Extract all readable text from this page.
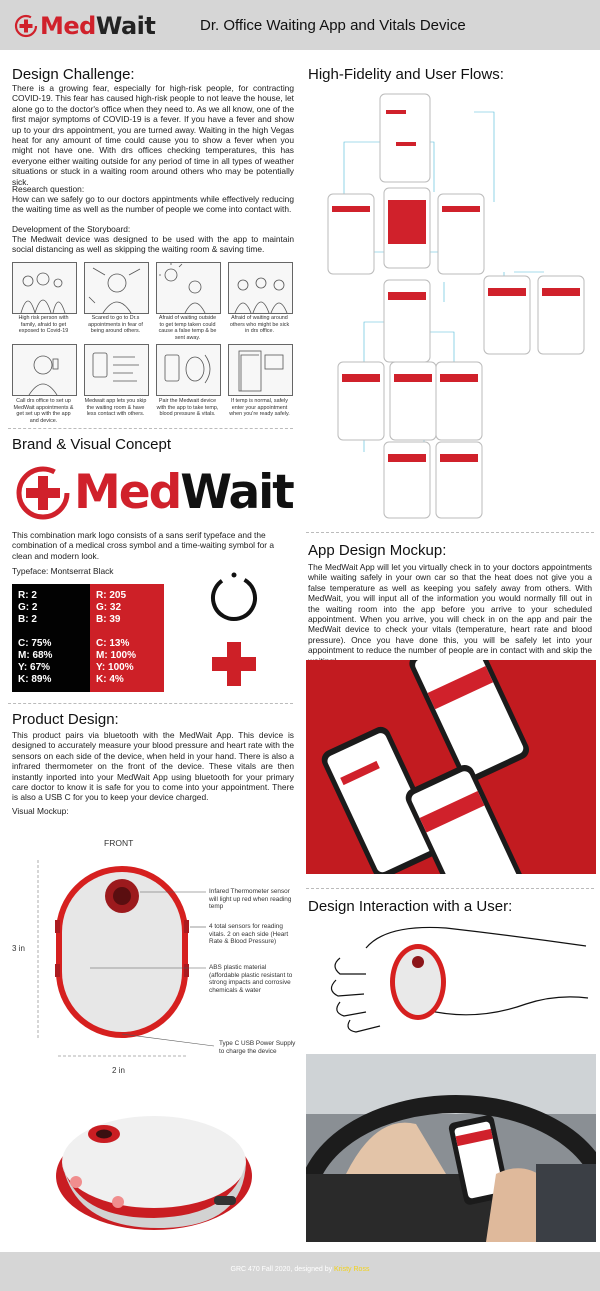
MedWait	Dr. Office Waiting App and Vitals Device
Design Challenge:
There is a growing fear, especially for high-risk people, for contracting COVID-19. This fear has caused high-risk people to not leave the house, let alone go to the doctor's office when they need to. As we all know, one of the first major symptoms of COVID-19 is a fever. If you have a fever and show up to your drs appointment, you are turned away. Waiting in the high Vegas heat for any amount of time could cause you to show a fever when you might not have one. With drs offices checking temperatures, this has everyone either waiting outside for any period of time in all types of weather situations or stuck in a waiting room around others who may be potentially sick.
Research question:
How can we safely go to our doctors appintments while effectively reducing the waiting time as well as the number of people we come into contact with.
Development of the Storyboard:
The Medwait device was designed to be used with the app to maintain social distancing as well as skipping the waiting room & saving time.
High risk person with family, afraid to get exposed to Covid-19
Scared to go to Dr.s appointments in fear of being around others.
Afraid of waiting outside to get temp taken could cause a false temp & be sent away.
Afraid of waiting around others who might be sick in drs office.
Call drs office to set up MedWait appointments & get set up with the app and device.
Medwait app lets you skip the waiting room & have less contact with others.
Pair the Medwait device with the app to take temp, blood pressure & vitals.
If temp is normal, safely enter your appointment when you're ready safely.
Brand & Visual Concept
MedWait
This combination mark logo consists of a sans serif typeface and the combination of a medical cross symbol and a time-waiting symbol for a clean and modern look.
Typeface: Montserrat Black
R: 2
G: 2
B: 2
C: 75%
M: 68%
Y: 67%
K: 89%
R: 205
G: 32
B: 39
C: 13%
M: 100%
Y: 100%
K: 4%
Product Design:
This product pairs via bluetooth with the MedWait App. This device is designed to accurately measure your blood pressure and heart rate with the sensors on each side of the device, when held in your hand. There is also a infrared thermometer on the front of the device. These vitals are then instantly inported into your MedWait App using bluetooth for your primary care doctor to know it is safe for you to come into your appointment. There is also a USB C for you to keep your device charged.
Visual Mockup:
FRONT
3 in
2 in
Infared Thermometer sensor will light up red when reading temp
4 total sensors for reading vitals. 2 on each side (Heart Rate & Blood Pressure)
ABS plastic material (affordable plastic resistant to strong impacts and corrosive chemicals & water
Type C USB Power Supply to charge the device
High-Fidelity and User Flows:
App Design Mockup:
The MedWait App will let you virtually check in to your doctors appointments while waiting safely in your own car so that the heat does not give you a false temperature as well as keeping you safely away from others. With MedWait, you will input all of the information you would normally fill out in the waiting room into the app before you arrive to your scheduled appointment. When you arrive, you will check in on the app and pair the MedWait device to check your vitals (temperature, heart rate and blood pressure). Once you have done this, you will be safely let into your appointment to reduce the number of people are in contact with and skip the
Design Interaction with a User:
GRC 470 Fall 2020, designed by Kristy Ross
